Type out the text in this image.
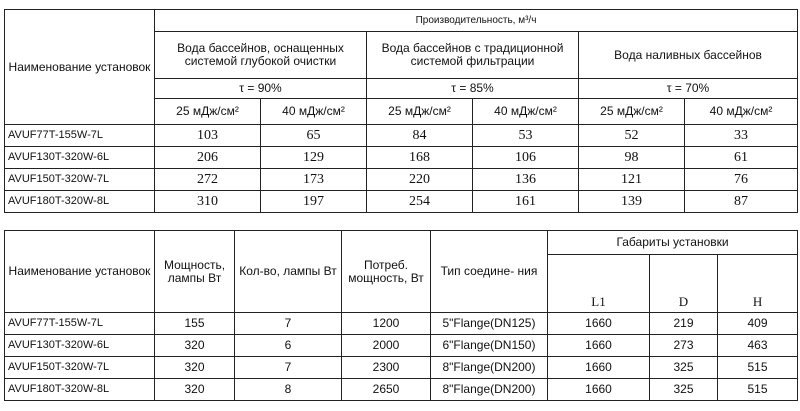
Наименование установок	Производительность, м³/ч					
	Вода бассейнов, оснащенных системой глубокой очистки		Вода бассейнов с традиционной системой фильтрации		Вода наливных бассейнов	
	τ = 90%		τ = 85%		τ = 70%	
	25 мДж/см²	40 мДж/см²	25 мДж/см²	40 мДж/см²	25 мДж/см²	40 мДж/см²
AVUF77T-155W-7L	103	65	84	53	52	33
AVUF130T-320W-6L	206	129	168	106	98	61
AVUF150T-320W-7L	272	173	220	136	121	76
AVUF180T-320W-8L	310	197	254	161	139	87
Наименование установок	Мощность, лампы Вт	Кол-во, лампы Вт	Потреб. мощность, Вт	Тип соедине- ния	Габариты установки		
					L1	D	H
AVUF77T-155W-7L	155	7	1200	5"Flange(DN125)	1660	219	409
AVUF130T-320W-6L	320	6	2000	6"Flange(DN150)	1660	273	463
AVUF150T-320W-7L	320	7	2300	8"Flange(DN200)	1660	325	515
AVUF180T-320W-8L	320	8	2650	8"Flange(DN200)	1660	325	515
